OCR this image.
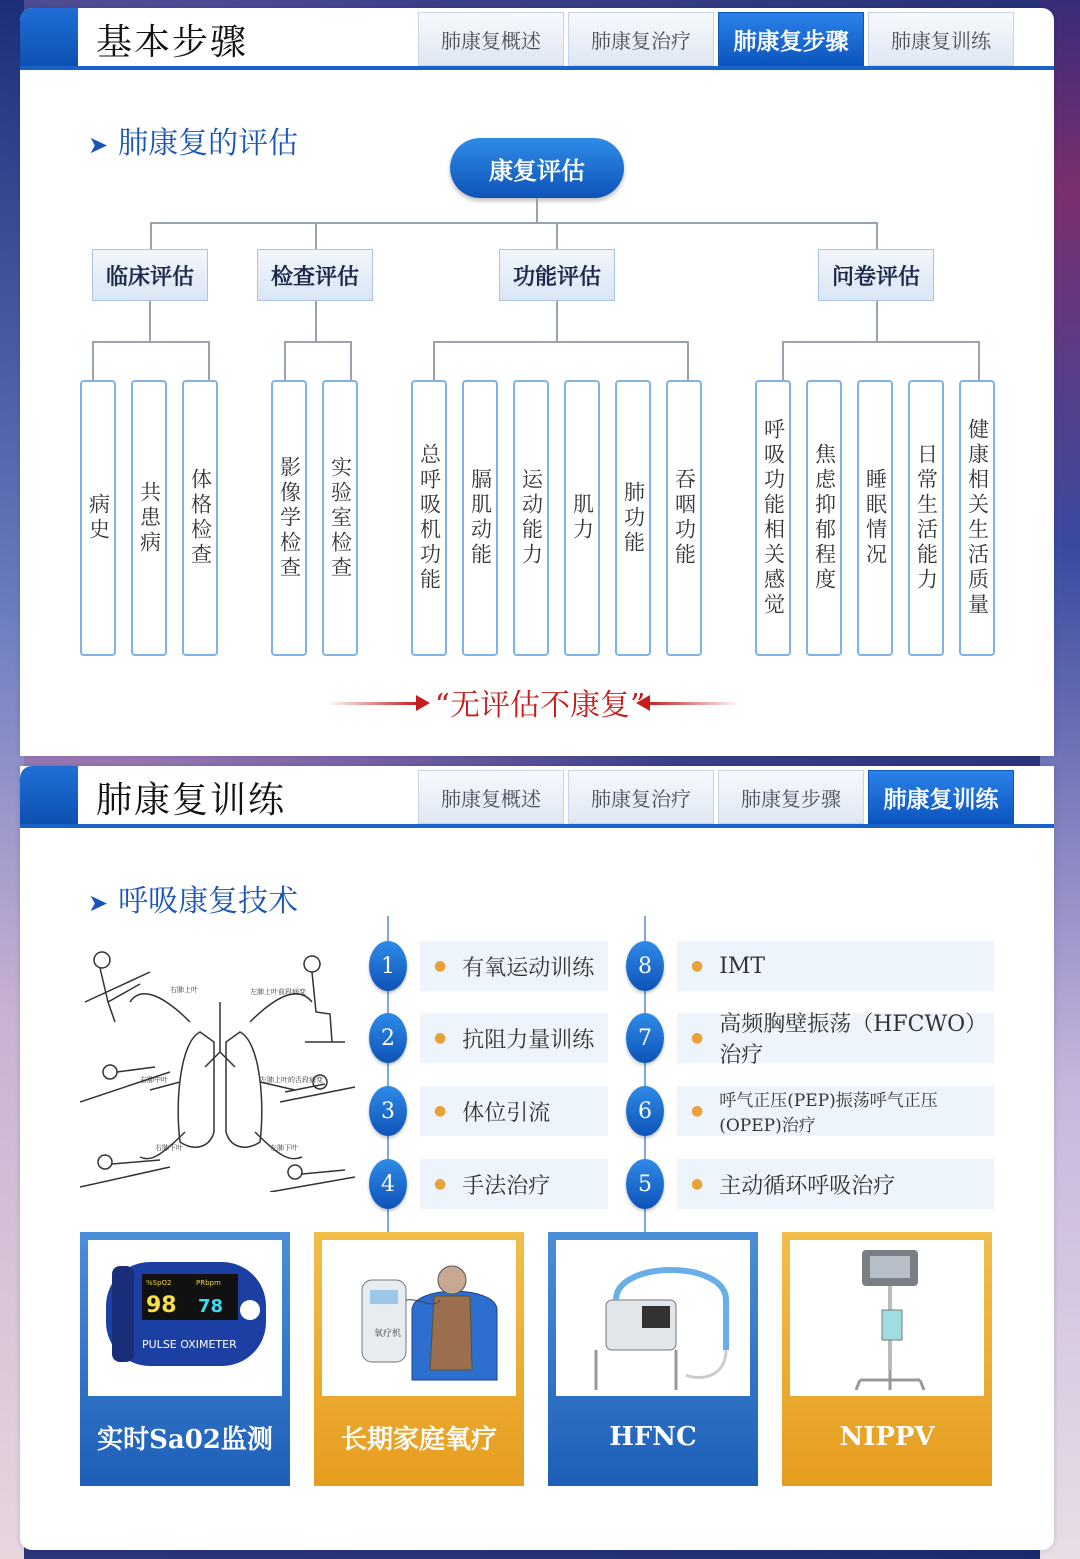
基本步骤	肺康复概述	肺康复治疗	肺康复步骤	肺康复训练
➤ 肺康复的评估
康复评估
临床评估	检查评估	功能评估	问卷评估
病史 共患病 体格检查	影像学检查 实验室检查	总呼吸机功能 膈肌动能 运动能力 肌力 肺功能 吞咽功能	呼吸功能相关感觉 焦虑抑郁程度 睡眠情况 日常生活能力 健康相关生活质量
“无评估不康复”
肺康复训练	肺康复概述	肺康复治疗	肺康复步骤	肺康复训练
➤ 呼吸康复技术
右肺上叶	左肺上叶前段病变
右肺中叶	左肺上叶的舌段病变
右肺下叶	左肺下叶
1	● 有氧运动训练
2	● 抗阻力量训练
3	● 体位引流
4	● 手法治疗
8	● IMT
7	●
高频胸壁振荡（HFCWO）治疗
6	● 呼气正压(PEP)振荡呼气正压(OPEP)治疗
5	● 主动循环呼吸治疗
%SpO2	PRbpm
98 78
PULSE OXIMETER
实时Sa02监测
氧疗机
长期家庭氧疗	HFNC	NIPPV
